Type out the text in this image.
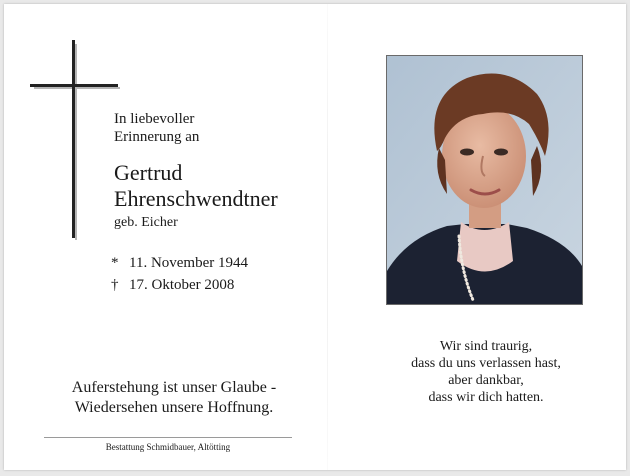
In liebevoller
Erinnerung an
Gertrud
Ehrenschwendtner
geb. Eicher
* 11. November 1944
† 17. Oktober 2008
Auferstehung ist unser Glaube -
Wiedersehen unsere Hoffnung.
Bestattung Schmidbauer, Altötting
Wir sind traurig,
dass du uns verlassen hast,
aber dankbar,
dass wir dich hatten.
